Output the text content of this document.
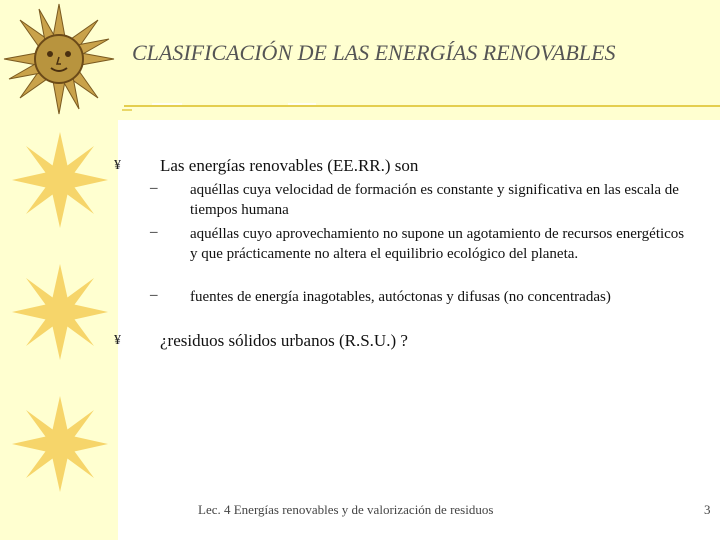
CLASIFICACIÓN DE LAS ENERGÍAS RENOVABLES
¥ Las energías renovables (EE.RR.) son
– aquéllas cuya velocidad de formación es constante y significativa en las escala de tiempos humana
– aquéllas cuyo aprovechamiento no supone un agotamiento de recursos energéticos y que prácticamente no altera el equilibrio ecológico del planeta.
– fuentes de energía inagotables, autóctonas y difusas (no concentradas)
¥ ¿residuos sólidos urbanos (R.S.U.) ?
Lec. 4 Energías renovables y de valorización de residuos	3
